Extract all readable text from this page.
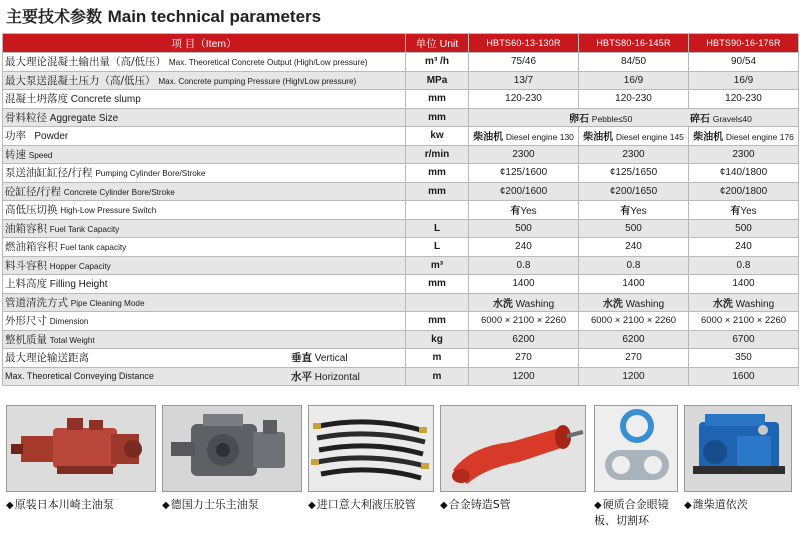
主要技术参数 Main technical parameters
项 目（Item）	单位 Unit	HBTS60-13-130R	HBTS80-16-145R	HBTS90-16-176R
最大理论混凝土输出量（高/低压） Max. Theoretical Concrete Output (High/Low pressure)	m³ /h	75/46	84/50	90/54
最大泵送混凝土压力（高/低压） Max. Concrete pumping Pressure (High/Low pressure)	MPa	13/7	16/9	16/9
混凝土坍落度 Concrete slump	mm	120-230	120-230	120-230
骨料粒径 Aggregate Size	mm	卵石 Pebble≤50 碎石 Gravel≤40		
功率 Powder	kw	柴油机 Diesel engine 130	柴油机 Diesel engine 145	柴油机 Diesel engine 176
转速 Speed	r/min	2300	2300	2300
泵送油缸缸径/行程 Pumping Cylinder Bore/Stroke	mm	¢125/1600	¢125/1650	¢140/1800
砼缸径/行程 Concrete Cylinder Bore/Stroke	mm	¢200/1600	¢200/1650	¢200/1800
高低压切换 High-Low Pressure Switch		有Yes	有Yes	有Yes
油箱容积 Fuel Tank Capacity	L	500	500	500
燃油箱容积 Fuel tank capacity	L	240	240	240
料斗容积 Hopper Capacity	m³	0.8	0.8	0.8
上料高度 Filling Height	mm	1400	1400	1400
管道清洗方式 Pipe Cleaning Mode		水洗 Washing	水洗 Washing	水洗 Washing
外形尺寸 Dimension	mm	6000 × 2100 × 2260	6000 × 2100 × 2260	6000 × 2100 × 2260
整机质量 Total Weight	kg	6200	6200	6700
最大理论输送距离 垂直 Vertical	m	270	270	350
Max. Theoretical Conveying Distance 水平 Horizontal	m	1200	1200	1600
◆原装日本川崎主油泵	◆德国力士乐主油泵	◆进口意大利液压胶管	◆合金铸造S管	◆硬质合金眼镜板、切割环
◆潍柴道依茨
